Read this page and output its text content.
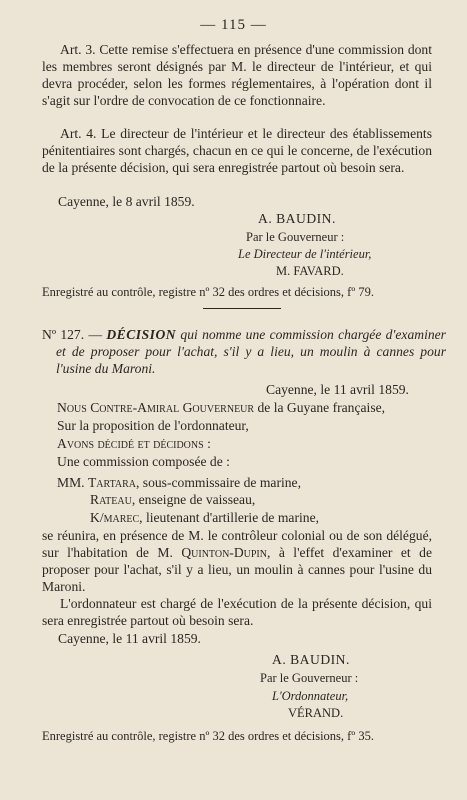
— 115 —

Art. 3. Cette remise s'effectuera en présence d'une commission dont les membres seront désignés par M. le directeur de l'intérieur, et qui devra procéder, selon les formes réglementaires, à l'opération dont il s'agit sur l'ordre de convocation de ce fonctionnaire.

Art. 4. Le directeur de l'intérieur et le directeur des établissements pénitentiaires sont chargés, chacun en ce qui le concerne, de l'exécution de la présente décision, qui sera enregistrée partout où besoin sera.

Cayenne, le 8 avril 1859.
A. BAUDIN.
Par le Gouverneur :
Le Directeur de l'intérieur,
M. FAVARD.
Enregistré au contrôle, registre nº 32 des ordres et décisions, fº 79.

Nº 127. — DÉCISION qui nomme une commission chargée d'examiner et de proposer pour l'achat, s'il y a lieu, un moulin à cannes pour l'usine du Maroni.

Cayenne, le 11 avril 1859.
Nous Contre-Amiral Gouverneur de la Guyane française,
Sur la proposition de l'ordonnateur,
Avons décidé et décidons :
Une commission composée de :
MM. Tartara, sous-commissaire de marine,
Rateau, enseigne de vaisseau,
K/marec, lieutenant d'artillerie de marine,

se réunira, en présence de M. le contrôleur colonial ou de son délégué, sur l'habitation de M. Quinton-Dupin, à l'effet d'examiner et de proposer pour l'achat, s'il y a lieu, un moulin à cannes pour l'usine du Maroni.

L'ordonnateur est chargé de l'exécution de la présente décision, qui sera enregistrée partout où besoin sera.

Cayenne, le 11 avril 1859.
A. BAUDIN.
Par le Gouverneur :
L'Ordonnateur,
VÉRAND.
Enregistré au contrôle, registre nº 32 des ordres et décisions, fº 35.
